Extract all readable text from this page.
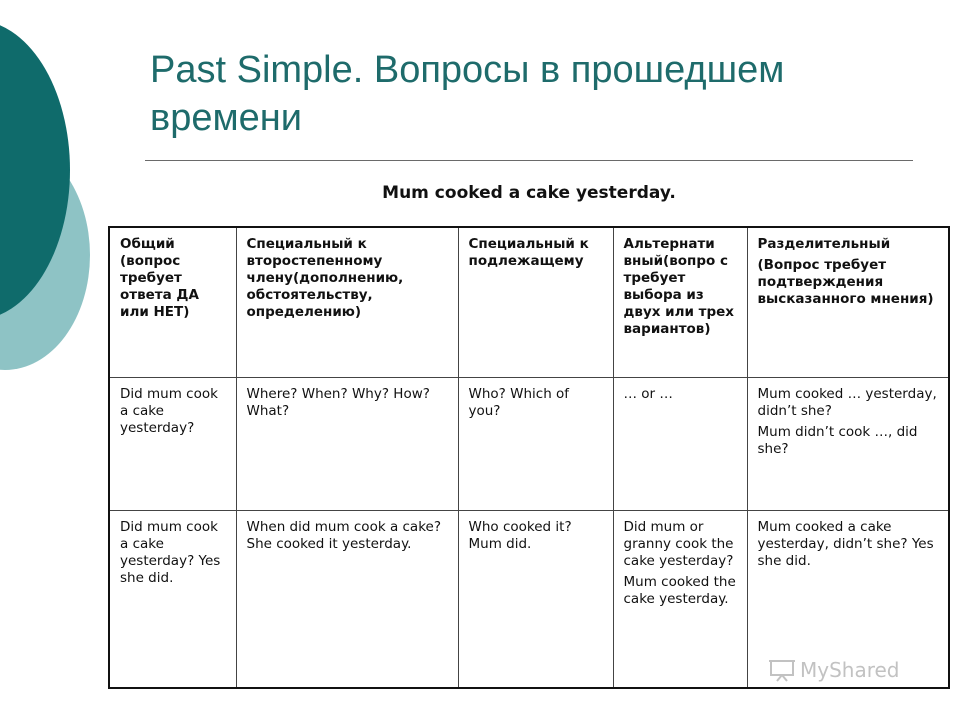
Past Simple. Вопросы в прошедшем времени
Mum cooked a cake yesterday.
Общий (вопрос требует ответа ДА или НЕТ)	Специальный к второстепенному члену(дополнению, обстоятельству, определению)	Специальный к подлежащему	Альтернати вный(вопро с требует выбора из двух или трех вариантов)	Разделительный
(Вопрос требует подтверждения высказанного мнения)

Did mum cook a cake yesterday?	Where? When? Why? How? What?	Who? Which of you?	… or …	Mum cooked … yesterday, didn’t she?
Mum didn’t cook …, did she?

Did mum cook a cake yesterday? Yes she did.	When did mum cook a cake? She cooked it yesterday.	Who cooked it? Mum did.	Did mum or granny cook the cake yesterday?
Mum cooked the cake yesterday.	Mum cooked a cake yesterday, didn’t she? Yes she did.
MyShared
